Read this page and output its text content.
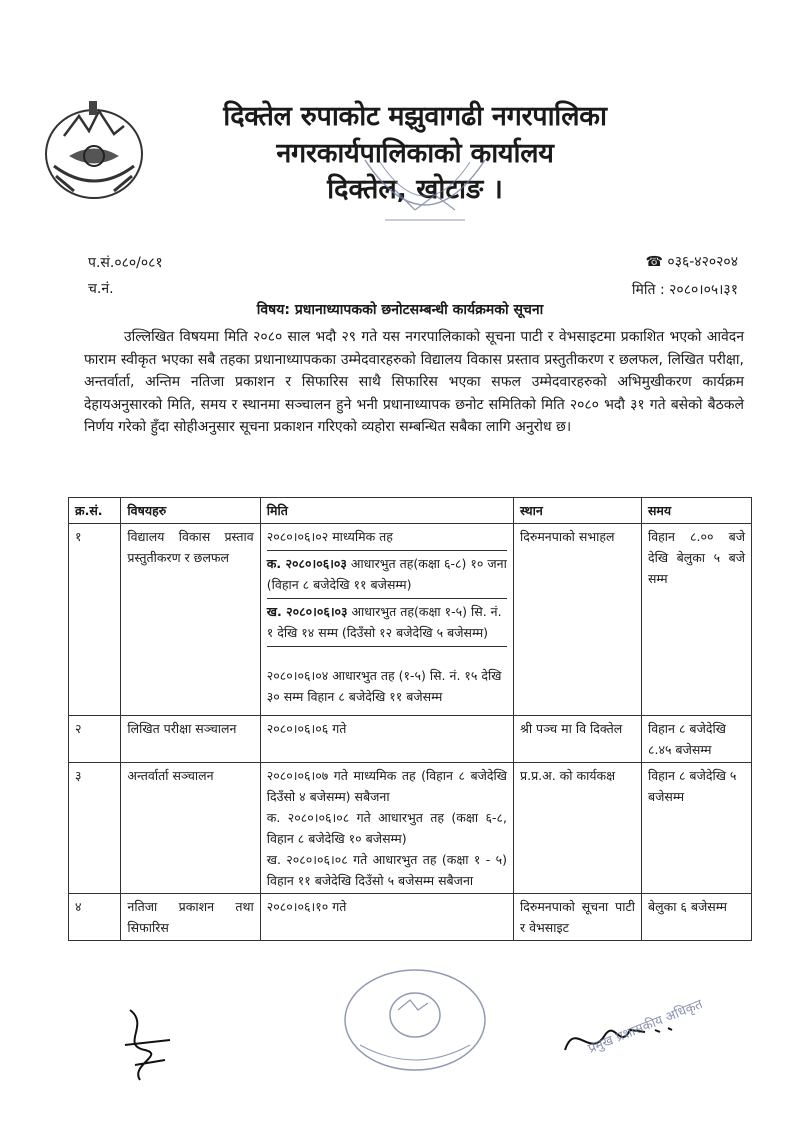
दिक्तेल रुपाकोट मझुवागढी नगरपालिका
नगरकार्यपालिकाको कार्यालय
दिक्तेल, खोटाङ ।
प.सं.०८०/०८१
च.नं.
☎ ०३६-४२०२०४
मिति : २०८०।०५।३१
विषय: प्रधानाध्यापकको छनोटसम्बन्धी कार्यक्रमको सूचना
उल्लिखित विषयमा मिति २०८० साल भदौ २९ गते यस नगरपालिकाको सूचना पाटी र वेभसाइटमा प्रकाशित भएको आवेदन फाराम स्वीकृत भएका सबै तहका प्रधानाध्यापकका उम्मेदवारहरुको विद्यालय विकास प्रस्ताव प्रस्तुतीकरण र छलफल, लिखित परीक्षा, अन्तर्वार्ता, अन्तिम नतिजा प्रकाशन र सिफारिस साथै सिफारिस भएका सफल उम्मेदवारहरुको अभिमुखीकरण कार्यक्रम देहायअनुसारको मिति, समय र स्थानमा सञ्चालन हुने भनी प्रधानाध्यापक छनोट समितिको मिति २०८० भदौ ३१ गते बसेको बैठकले निर्णय गरेको हुँदा सोहीअनुसार सूचना प्रकाशन गरिएको व्यहोरा सम्बन्धित सबैका लागि अनुरोध छ।
क्र.सं.	विषयहरु	मिति	स्थान	समय
१	विद्यालय विकास प्रस्ताव प्रस्तुतीकरण र छलफल	२०८०।०६।०२ माध्यमिक तह
क. २०८०।०६।०३ आधारभुत तह(कक्षा ६-८) १० जना (विहान ८ बजेदेखि ११ बजेसम्म)
ख. २०८०।०६।०३ आधारभुत तह(कक्षा १-५) सि. नं. १ देखि १४ सम्म (दिउँसो १२ बजेदेखि ५ बजेसम्म)
२०८०।०६।०४ आधारभुत तह (१-५) सि. नं. १५ देखि ३० सम्म विहान ८ बजेदेखि ११ बजेसम्म	दिरुमनपाको सभाहल	विहान ८.०० बजे देखि बेलुका ५ बजे सम्म
२	लिखित परीक्षा सञ्चालन	२०८०।०६।०६ गते	श्री पञ्च मा वि दिक्तेल	विहान ८ बजेदेखि ८.४५ बजेसम्म
३	अन्तर्वार्ता सञ्चालन	२०८०।०६।०७ गते माध्यमिक तह (विहान ८ बजेदेखि दिउँसो ४ बजेसम्म) सबैजना
क. २०८०।०६।०८ गते आधारभुत तह (कक्षा ६-८, विहान ८ बजेदेखि १० बजेसम्म)
ख. २०८०।०६।०८ गते आधारभुत तह (कक्षा १ - ५) विहान ११ बजेदेखि दिउँसो ५ बजेसम्म सबैजना	प्र.प्र.अ. को कार्यकक्ष	विहान ८ बजेदेखि ५ बजेसम्म
४	नतिजा प्रकाशन तथा सिफारिस	२०८०।०६।१० गते	दिरुमनपाको सूचना पाटी र वेभसाइट	बेलुका ६ बजेसम्म
प्रमुख प्रशासकीय अधिकृत
